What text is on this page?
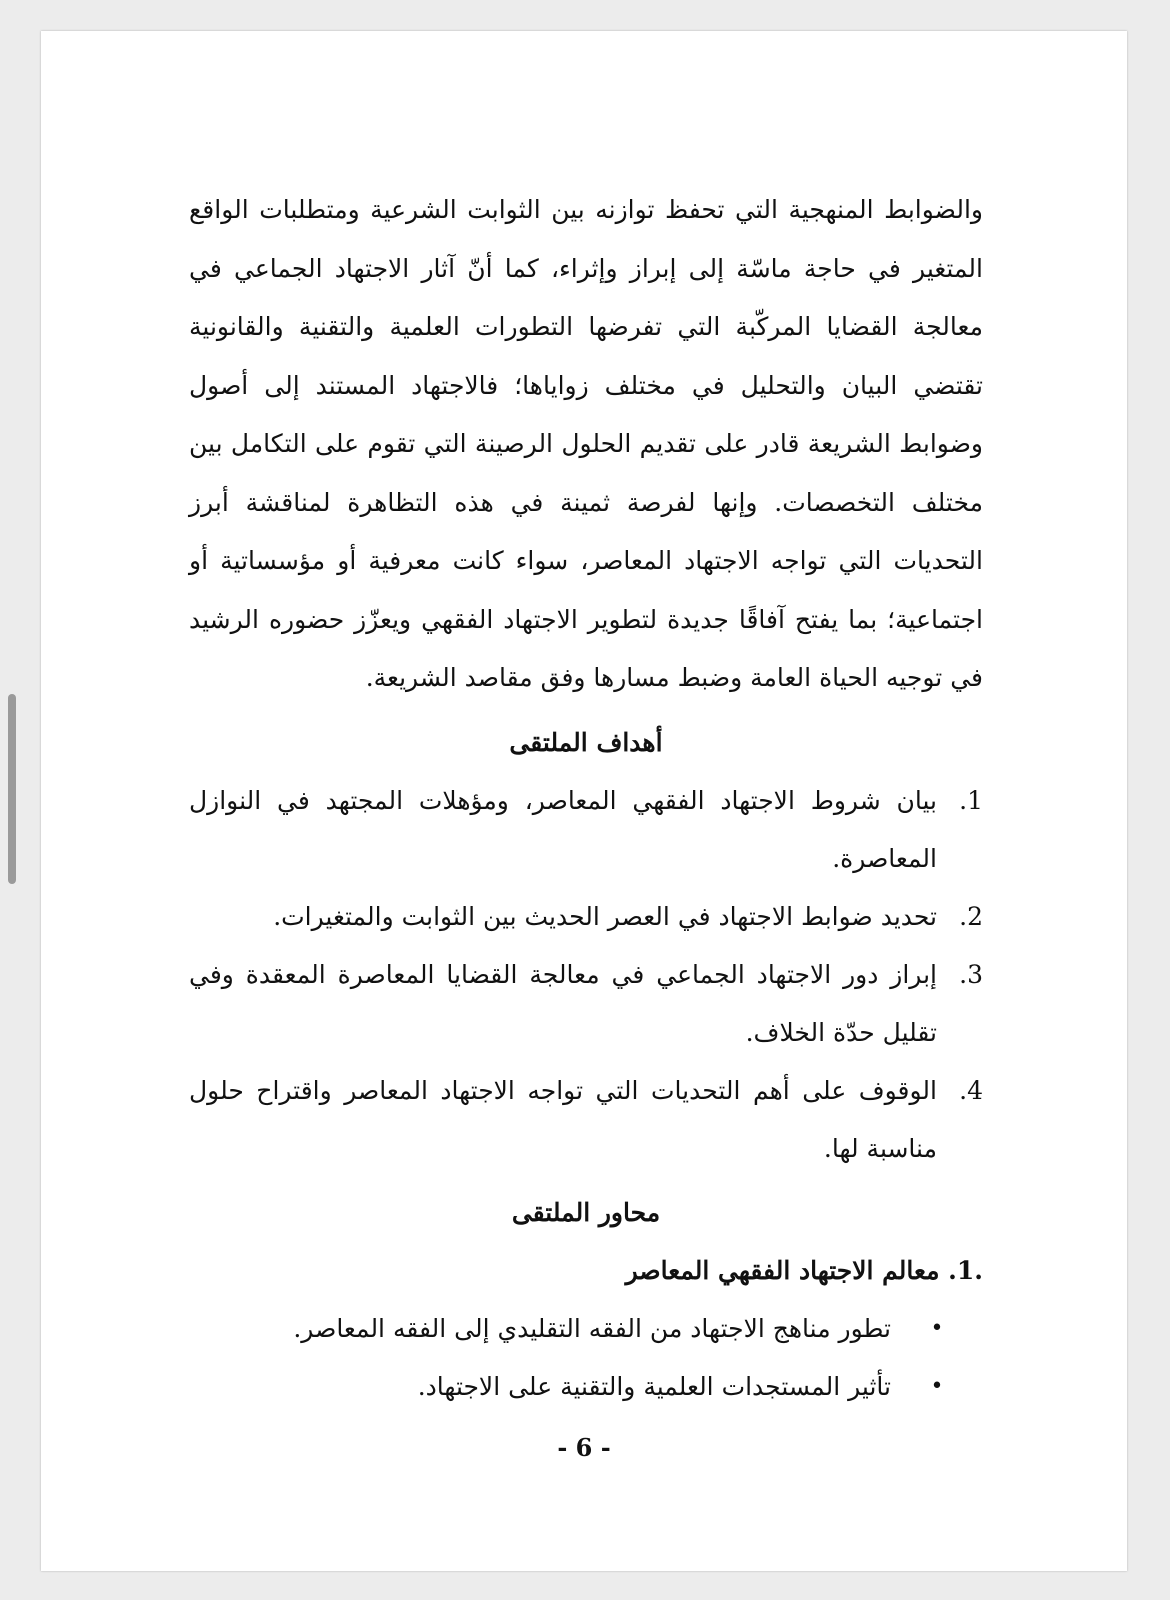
والضوابط المنهجية التي تحفظ توازنه بين الثوابت الشرعية ومتطلبات الواقع المتغير في حاجة ماسّة إلى إبراز وإثراء، كما أنّ آثار الاجتهاد الجماعي في معالجة القضايا المركّبة التي تفرضها التطورات العلمية والتقنية والقانونية تقتضي البيان والتحليل في مختلف زواياها؛ فالاجتهاد المستند إلى أصول وضوابط الشريعة قادر على تقديم الحلول الرصينة التي تقوم على التكامل بين مختلف التخصصات. وإنها لفرصة ثمينة في هذه التظاهرة لمناقشة أبرز التحديات التي تواجه الاجتهاد المعاصر، سواء كانت معرفية أو مؤسساتية أو اجتماعية؛ بما يفتح آفاقًا جديدة لتطوير الاجتهاد الفقهي ويعزّز حضوره الرشيد في توجيه الحياة العامة وضبط مسارها وفق مقاصد الشريعة.

أهداف الملتقى
1.
بيان شروط الاجتهاد الفقهي المعاصر، ومؤهلات المجتهد في النوازل المعاصرة.
2.
تحديد ضوابط الاجتهاد في العصر الحديث بين الثوابت والمتغيرات.
3.
إبراز دور الاجتهاد الجماعي في معالجة القضايا المعاصرة المعقدة وفي تقليل حدّة الخلاف.
4.
الوقوف على أهم التحديات التي تواجه الاجتهاد المعاصر واقتراح حلول مناسبة لها.
محاور الملتقى
.1. معالم الاجتهاد الفقهي المعاصر
•
تطور مناهج الاجتهاد من الفقه التقليدي إلى الفقه المعاصر.
•
تأثير المستجدات العلمية والتقنية على الاجتهاد.
- 6 -
